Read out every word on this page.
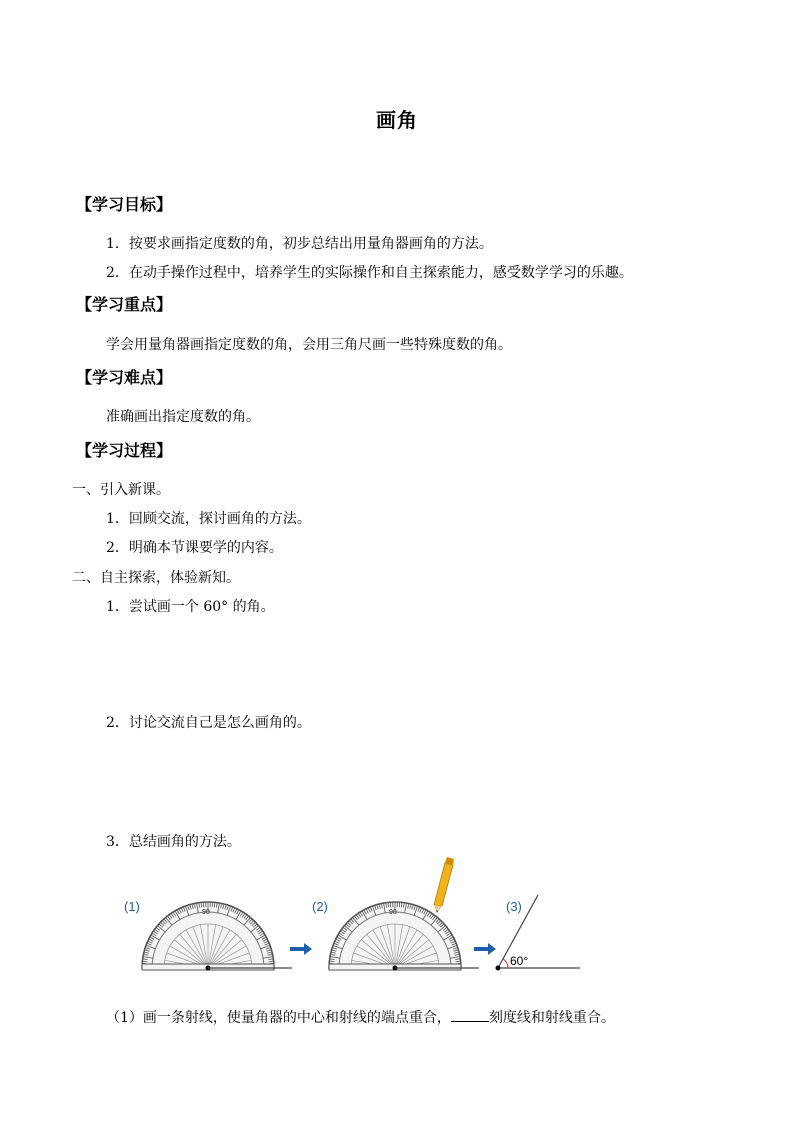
画角
【学习目标】
1．按要求画指定度数的角，初步总结出用量角器画角的方法。
2．在动手操作过程中，培养学生的实际操作和自主探索能力，感受数学学习的乐趣。
【学习重点】
学会用量角器画指定度数的角，会用三角尺画一些特殊度数的角。
【学习难点】
准确画出指定度数的角。
【学习过程】
一、引入新课。
1．回顾交流，探讨画角的方法。
2．明确本节课要学的内容。
二、自主探索，体验新知。
1．尝试画一个 60° 的角。
2．讨论交流自己是怎么画角的。
3．总结画角的方法。
(1)	90	(2)	90	(3)
60°
（1）画一条射线，使量角器的中心和射线的端点重合，	刻度线和射线重合。
